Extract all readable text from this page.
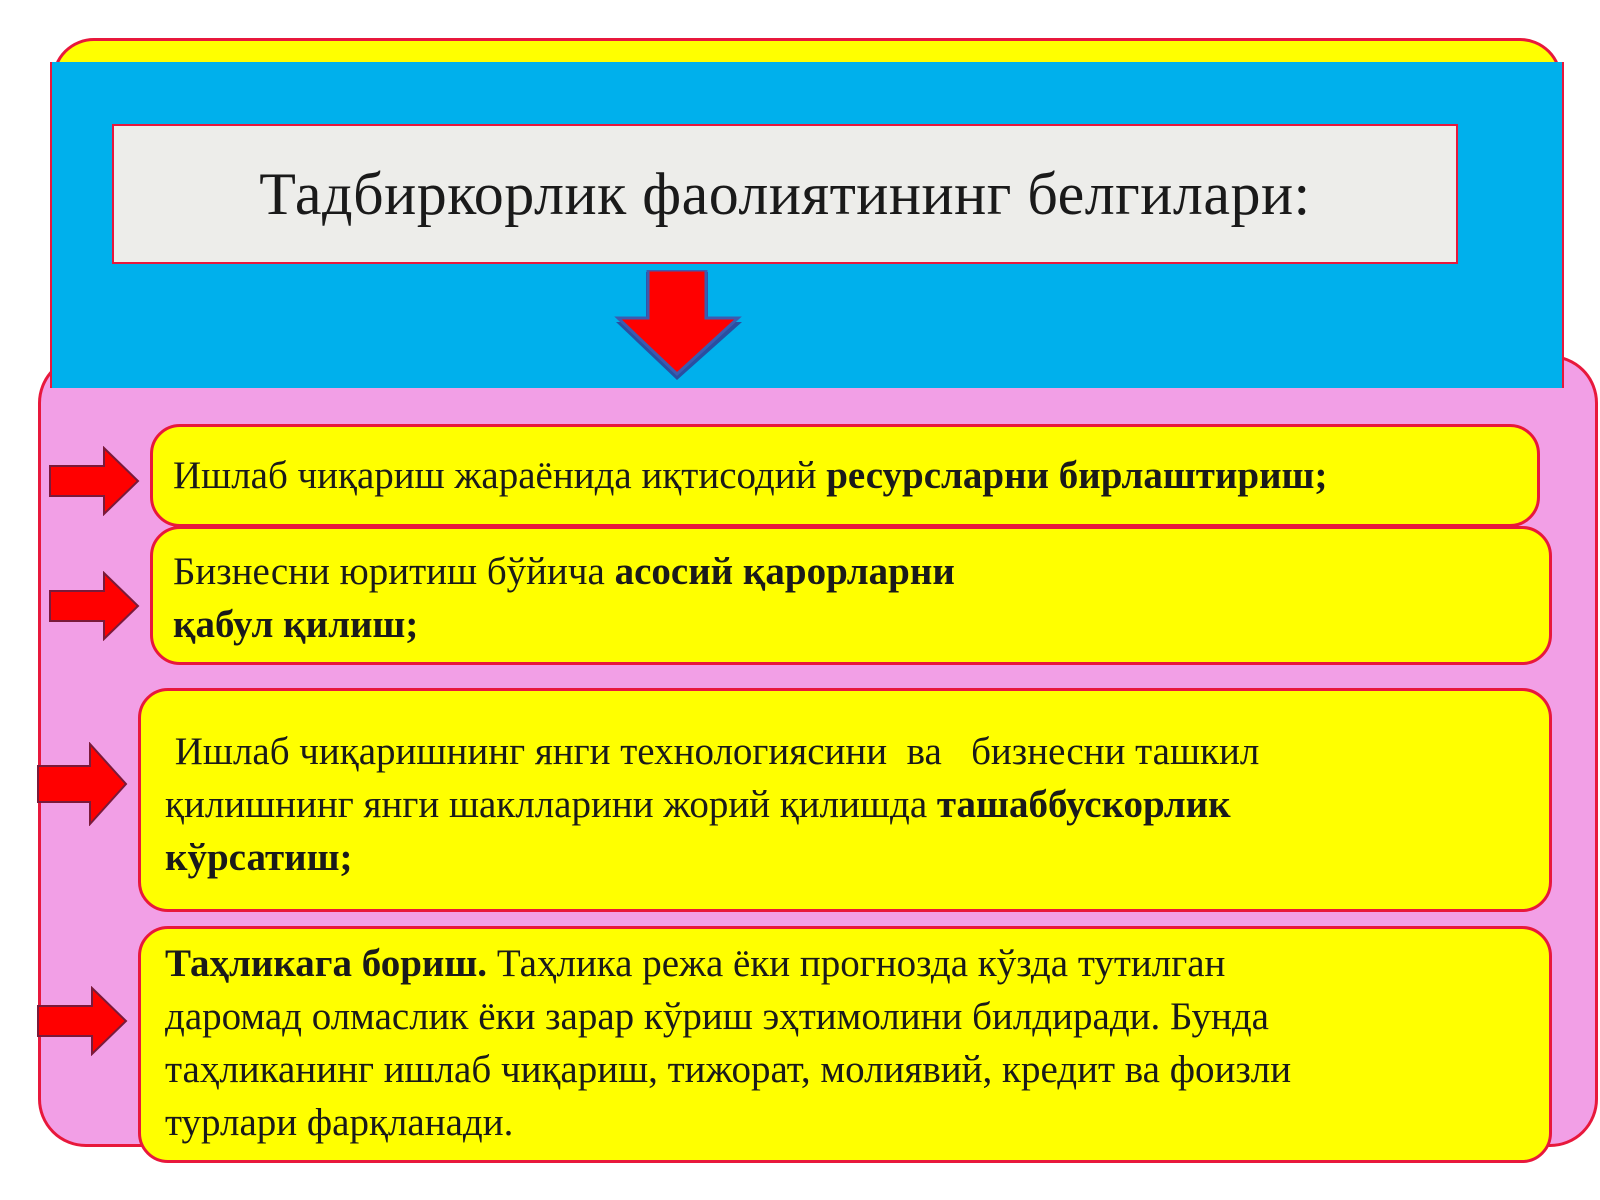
Тадбиркорлик фаолиятининг белгилари:
Ишлаб чиқариш жараёнида иқтисодий ресурсларни бирлаштириш;
Бизнесни юритиш бўйича асосий қарорларни
қабул қилиш;
Ишлаб чиқаришнинг янги технологиясини  ва   бизнесни ташкил
қилишнинг янги шаклларини жорий қилишда ташаббускорлик
кўрсатиш;
Таҳликага бориш. Таҳлика режа ёки прогнозда кўзда тутилган
даромад олмаслик ёки зарар кўриш эҳтимолини билдиради. Бунда
таҳликанинг ишлаб чиқариш, тижорат, молиявий, кредит ва фоизли
турлари фарқланади.
